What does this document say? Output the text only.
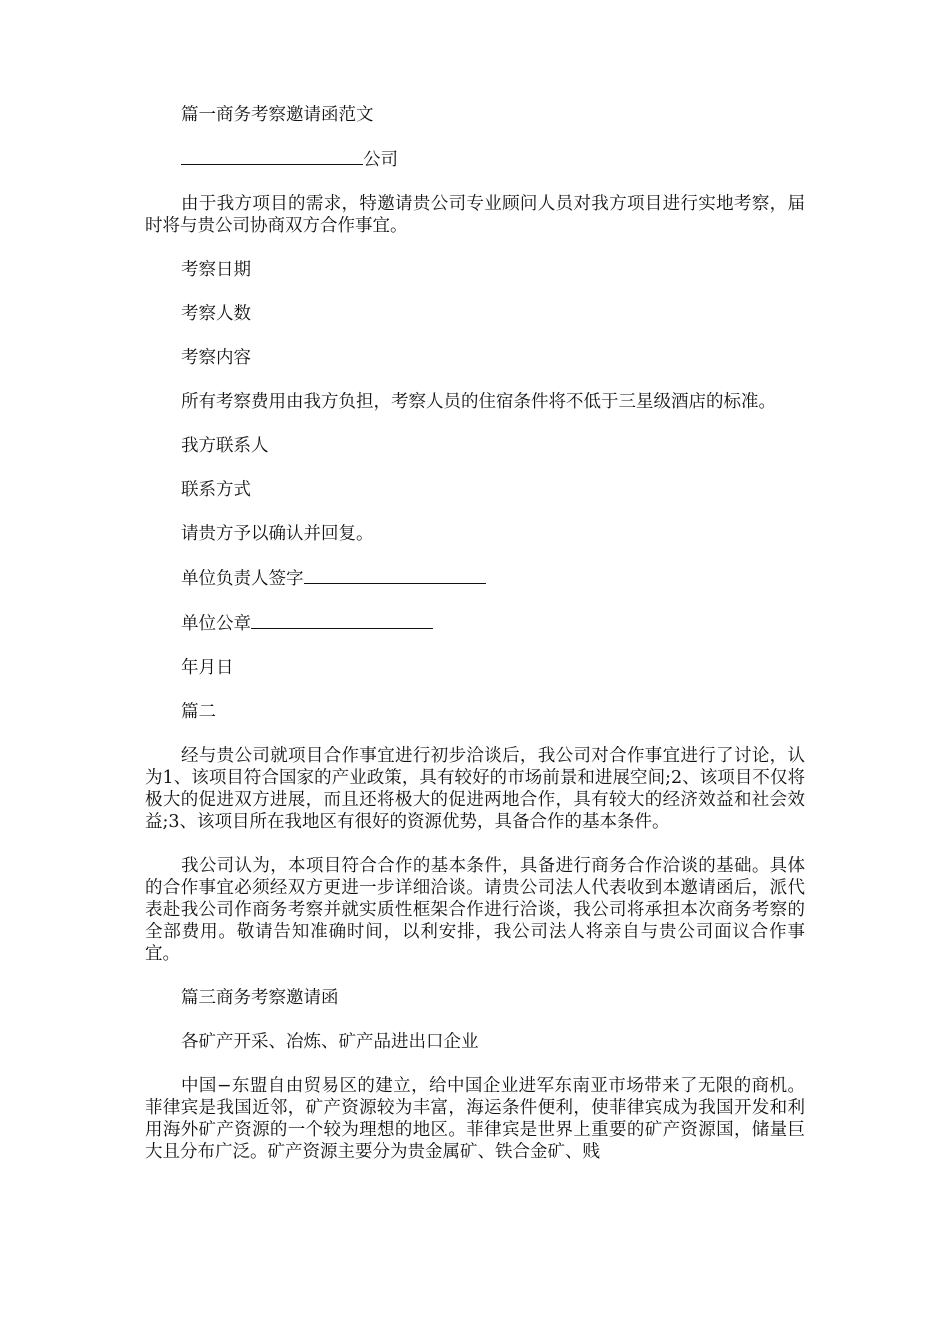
篇一商务考察邀请函范文

公司

由于我方项目的需求，特邀请贵公司专业顾问人员对我方项目进行实地考察，届时将与贵公司协商双方合作事宜。

考察日期

考察人数

考察内容

所有考察费用由我方负担，考察人员的住宿条件将不低于三星级酒店的标准。

我方联系人

联系方式

请贵方予以确认并回复。

单位负责人签字

单位公章

年月日

篇二

经与贵公司就项目合作事宜进行初步洽谈后，我公司对合作事宜进行了讨论，认为1、该项目符合国家的产业政策，具有较好的市场前景和进展空间;2、该项目不仅将极大的促进双方进展，而且还将极大的促进两地合作，具有较大的经济效益和社会效益;3、该项目所在我地区有很好的资源优势，具备合作的基本条件。

我公司认为，本项目符合合作的基本条件，具备进行商务合作洽谈的基础。具体的合作事宜必须经双方更进一步详细洽谈。请贵公司法人代表收到本邀请函后，派代表赴我公司作商务考察并就实质性框架合作进行洽谈，我公司将承担本次商务考察的全部费用。敬请告知准确时间，以利安排，我公司法人将亲自与贵公司面议合作事宜。

篇三商务考察邀请函

各矿产开采、冶炼、矿产品进出口企业

中国−东盟自由贸易区的建立，给中国企业进军东南亚市场带来了无限的商机。菲律宾是我国近邻，矿产资源较为丰富，海运条件便利，使菲律宾成为我国开发和利用海外矿产资源的一个较为理想的地区。菲律宾是世界上重要的矿产资源国，储量巨大且分布广泛。矿产资源主要分为贵金属矿、铁合金矿、贱
